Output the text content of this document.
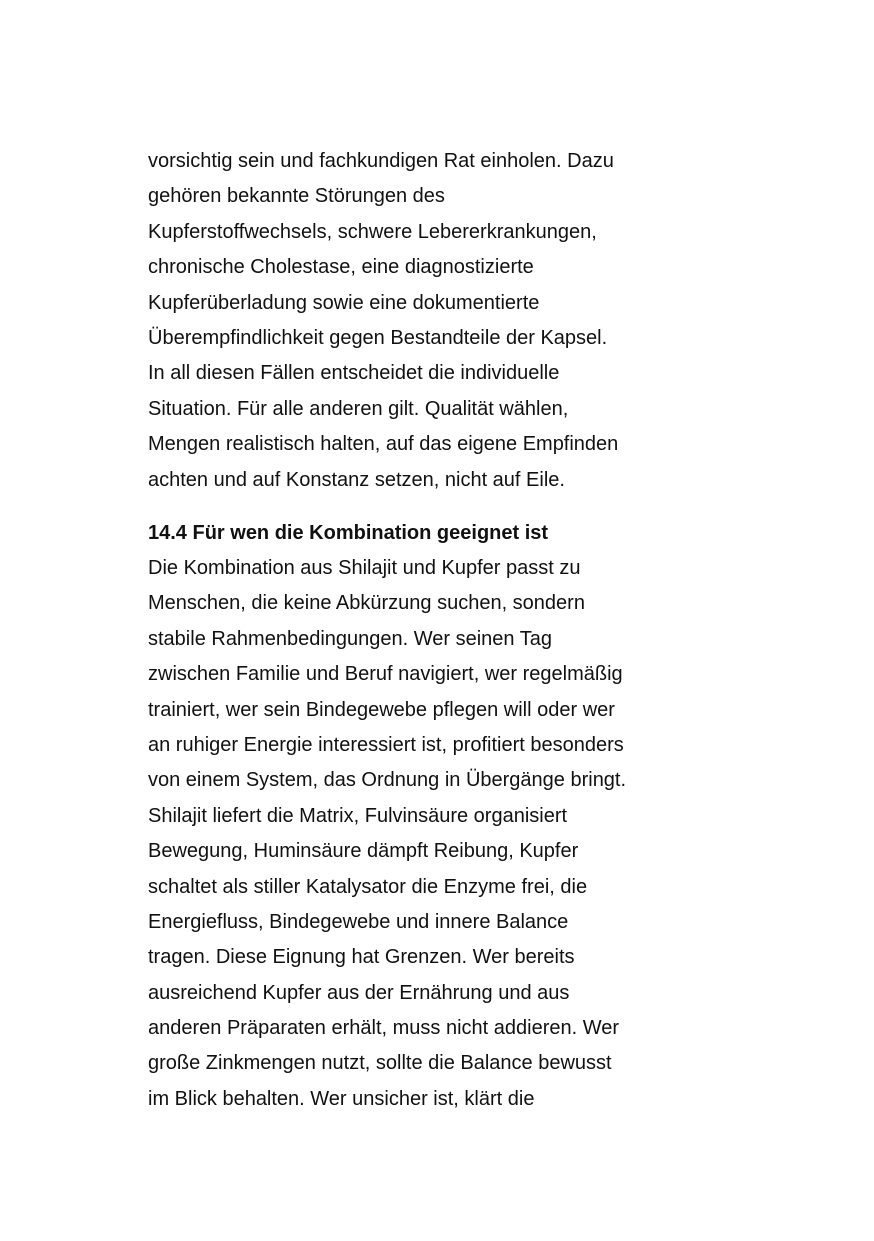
vorsichtig sein und fachkundigen Rat einholen. Dazu
gehören bekannte Störungen des
Kupferstoffwechsels, schwere Lebererkrankungen,
chronische Cholestase, eine diagnostizierte
Kupferüberladung sowie eine dokumentierte
Überempfindlichkeit gegen Bestandteile der Kapsel.
In all diesen Fällen entscheidet die individuelle
Situation. Für alle anderen gilt. Qualität wählen,
Mengen realistisch halten, auf das eigene Empfinden
achten und auf Konstanz setzen, nicht auf Eile.
14.4 Für wen die Kombination geeignet ist
Die Kombination aus Shilajit und Kupfer passt zu
Menschen, die keine Abkürzung suchen, sondern
stabile Rahmenbedingungen. Wer seinen Tag
zwischen Familie und Beruf navigiert, wer regelmäßig
trainiert, wer sein Bindegewebe pflegen will oder wer
an ruhiger Energie interessiert ist, profitiert besonders
von einem System, das Ordnung in Übergänge bringt.
Shilajit liefert die Matrix, Fulvinsäure organisiert
Bewegung, Huminsäure dämpft Reibung, Kupfer
schaltet als stiller Katalysator die Enzyme frei, die
Energiefluss, Bindegewebe und innere Balance
tragen. Diese Eignung hat Grenzen. Wer bereits
ausreichend Kupfer aus der Ernährung und aus
anderen Präparaten erhält, muss nicht addieren. Wer
große Zinkmengen nutzt, sollte die Balance bewusst
im Blick behalten. Wer unsicher ist, klärt die
